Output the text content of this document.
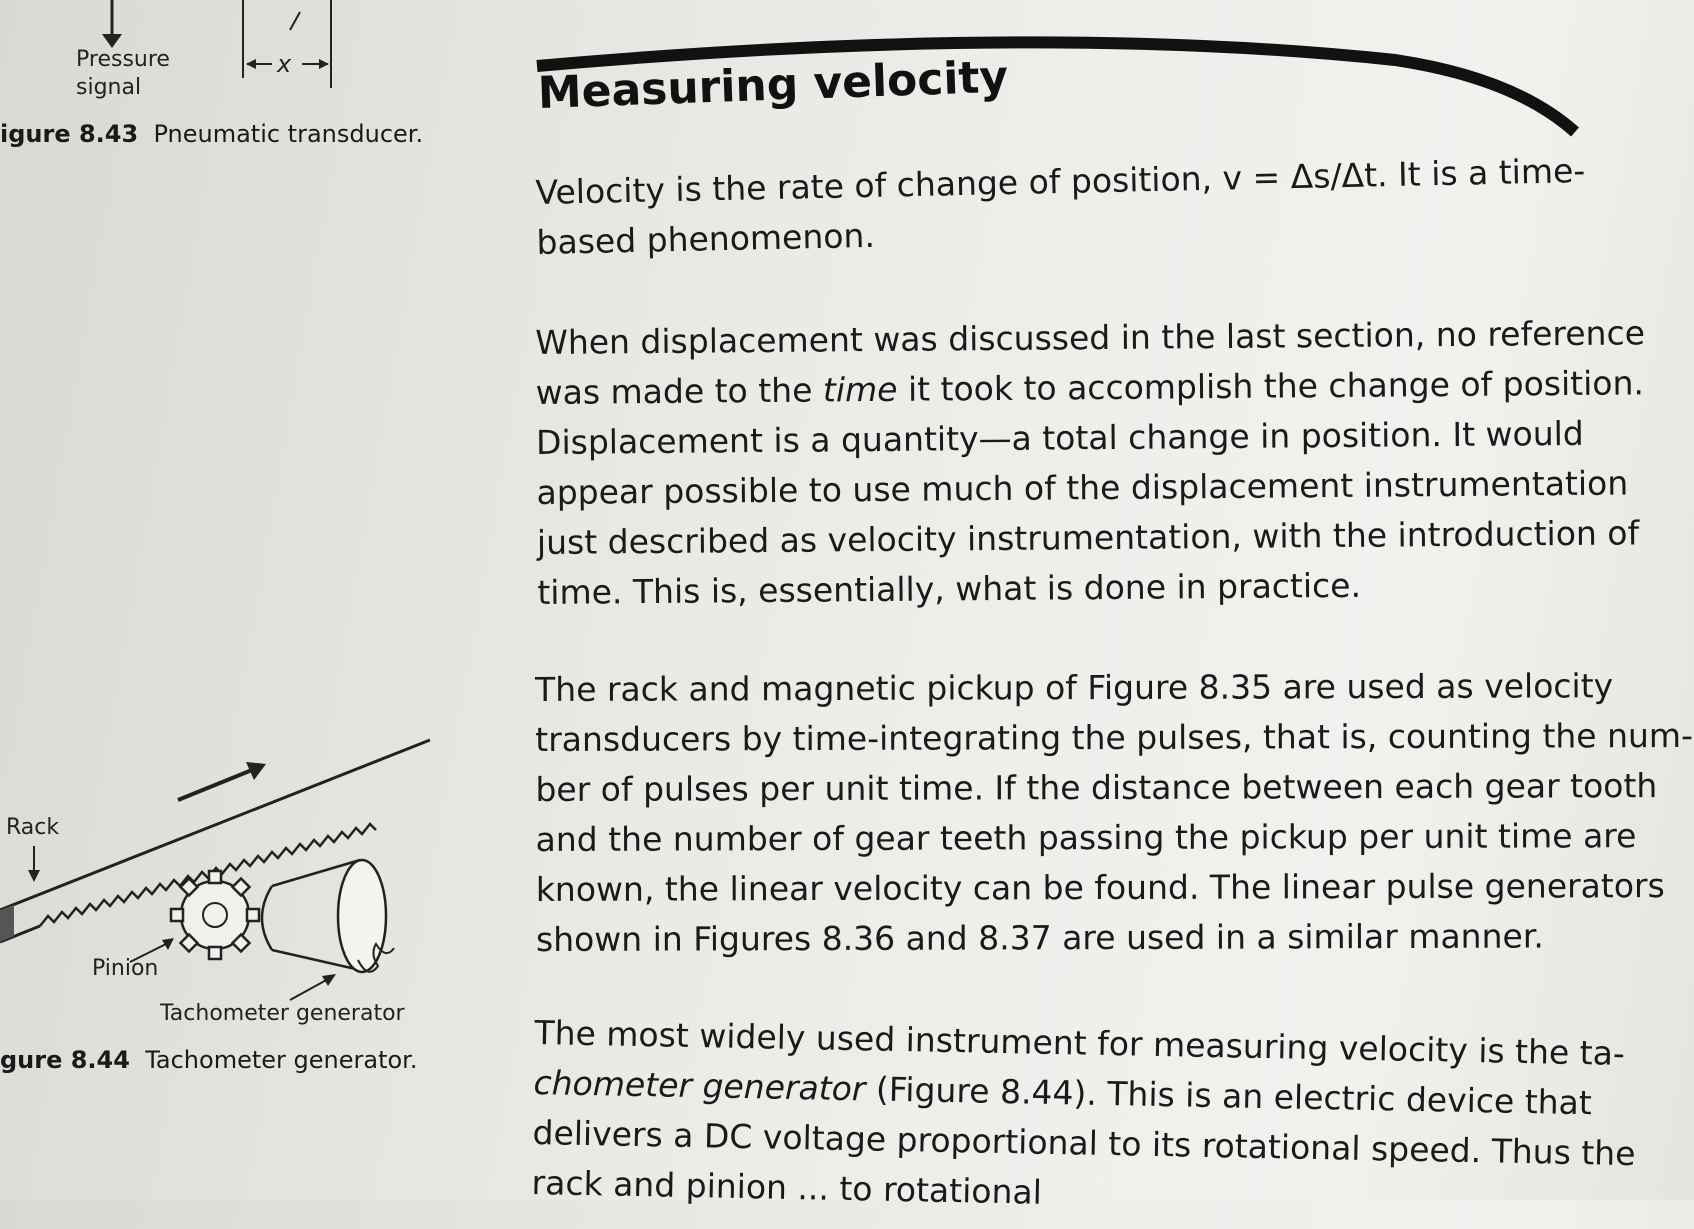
Pressure
signal
x
igure 8.43 Pneumatic transducer.
Rack
Pinion
Tachometer generator
gure 8.44 Tachometer generator.
Measuring velocity

Velocity is the rate of change of position, v = Δs/Δt. It is a time-
based phenomenon.

When displacement was discussed in the last section, no reference
was made to the time it took to accomplish the change of position.
Displacement is a quantity—a total change in position. It would
appear possible to use much of the displacement instrumentation
just described as velocity instrumentation, with the introduction of
time. This is, essentially, what is done in practice.

The rack and magnetic pickup of Figure 8.35 are used as velocity
transducers by time-integrating the pulses, that is, counting the num-
ber of pulses per unit time. If the distance between each gear tooth
and the number of gear teeth passing the pickup per unit time are
known, the linear velocity can be found. The linear pulse generators
shown in Figures 8.36 and 8.37 are used in a similar manner.

The most widely used instrument for measuring velocity is the ta-
chometer generator (Figure 8.44). This is an electric device that
delivers a DC voltage proportional to its rotational speed. Thus the
rack and pinion ... to rotational
